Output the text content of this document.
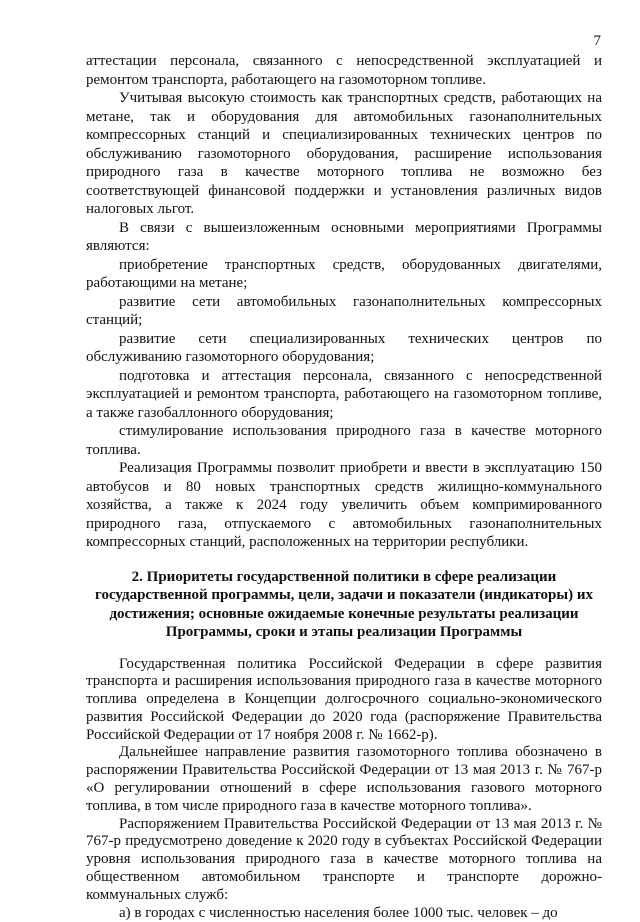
7

аттестации персонала, связанного с непосредственной эксплуатацией и ремонтом транспорта, работающего на газомоторном топливе.

Учитывая высокую стоимость как транспортных средств, работающих на метане, так и оборудования для автомобильных газонаполнительных компрессорных станций и специализированных технических центров по обслуживанию газомоторного оборудования, расширение использования природного газа в качестве моторного топлива не возможно без соответствующей финансовой поддержки и установления различных видов налоговых льгот.

В связи с вышеизложенным основными мероприятиями Программы являются:

приобретение транспортных средств, оборудованных двигателями, работающими на метане;

развитие сети автомобильных газонаполнительных компрессорных станций;

развитие сети специализированных технических центров по обслуживанию газомоторного оборудования;

подготовка и аттестация персонала, связанного с непосредственной эксплуатацией и ремонтом транспорта, работающего на газомоторном топливе, а также газобаллонного оборудования;

стимулирование использования природного газа в качестве моторного топлива.

Реализация Программы позволит приобрети и ввести в эксплуатацию 150 автобусов и 80 новых транспортных средств жилищно-коммунального хозяйства, а также к 2024 году увеличить объем компримированного природного газа, отпускаемого с автомобильных газонаполнительных компрессорных станций, расположенных на территории республики.

2. Приоритеты государственной политики в сфере реализации государственной программы, цели, задачи и показатели (индикаторы) их достижения; основные ожидаемые конечные результаты реализации Программы, сроки и этапы реализации Программы

Государственная политика Российской Федерации в сфере развития транспорта и расширения использования природного газа в качестве моторного топлива определена в Концепции долгосрочного социально-экономического развития Российской Федерации до 2020 года (распоряжение Правительства Российской Федерации от 17 ноября 2008 г. № 1662-р).

Дальнейшее направление развития газомоторного топлива обозначено в распоряжении Правительства Российской Федерации от 13 мая 2013 г. № 767-р «О регулировании отношений в сфере использования газового моторного топлива, в том числе природного газа в качестве моторного топлива».

Распоряжением Правительства Российской Федерации от 13 мая 2013 г. № 767-р предусмотрено доведение к 2020 году в субъектах Российской Федерации уровня использования природного газа в качестве моторного топлива на общественном автомобильном транспорте и транспорте дорожно-коммунальных служб:

а) в городах с численностью населения более 1000 тыс. человек – до
